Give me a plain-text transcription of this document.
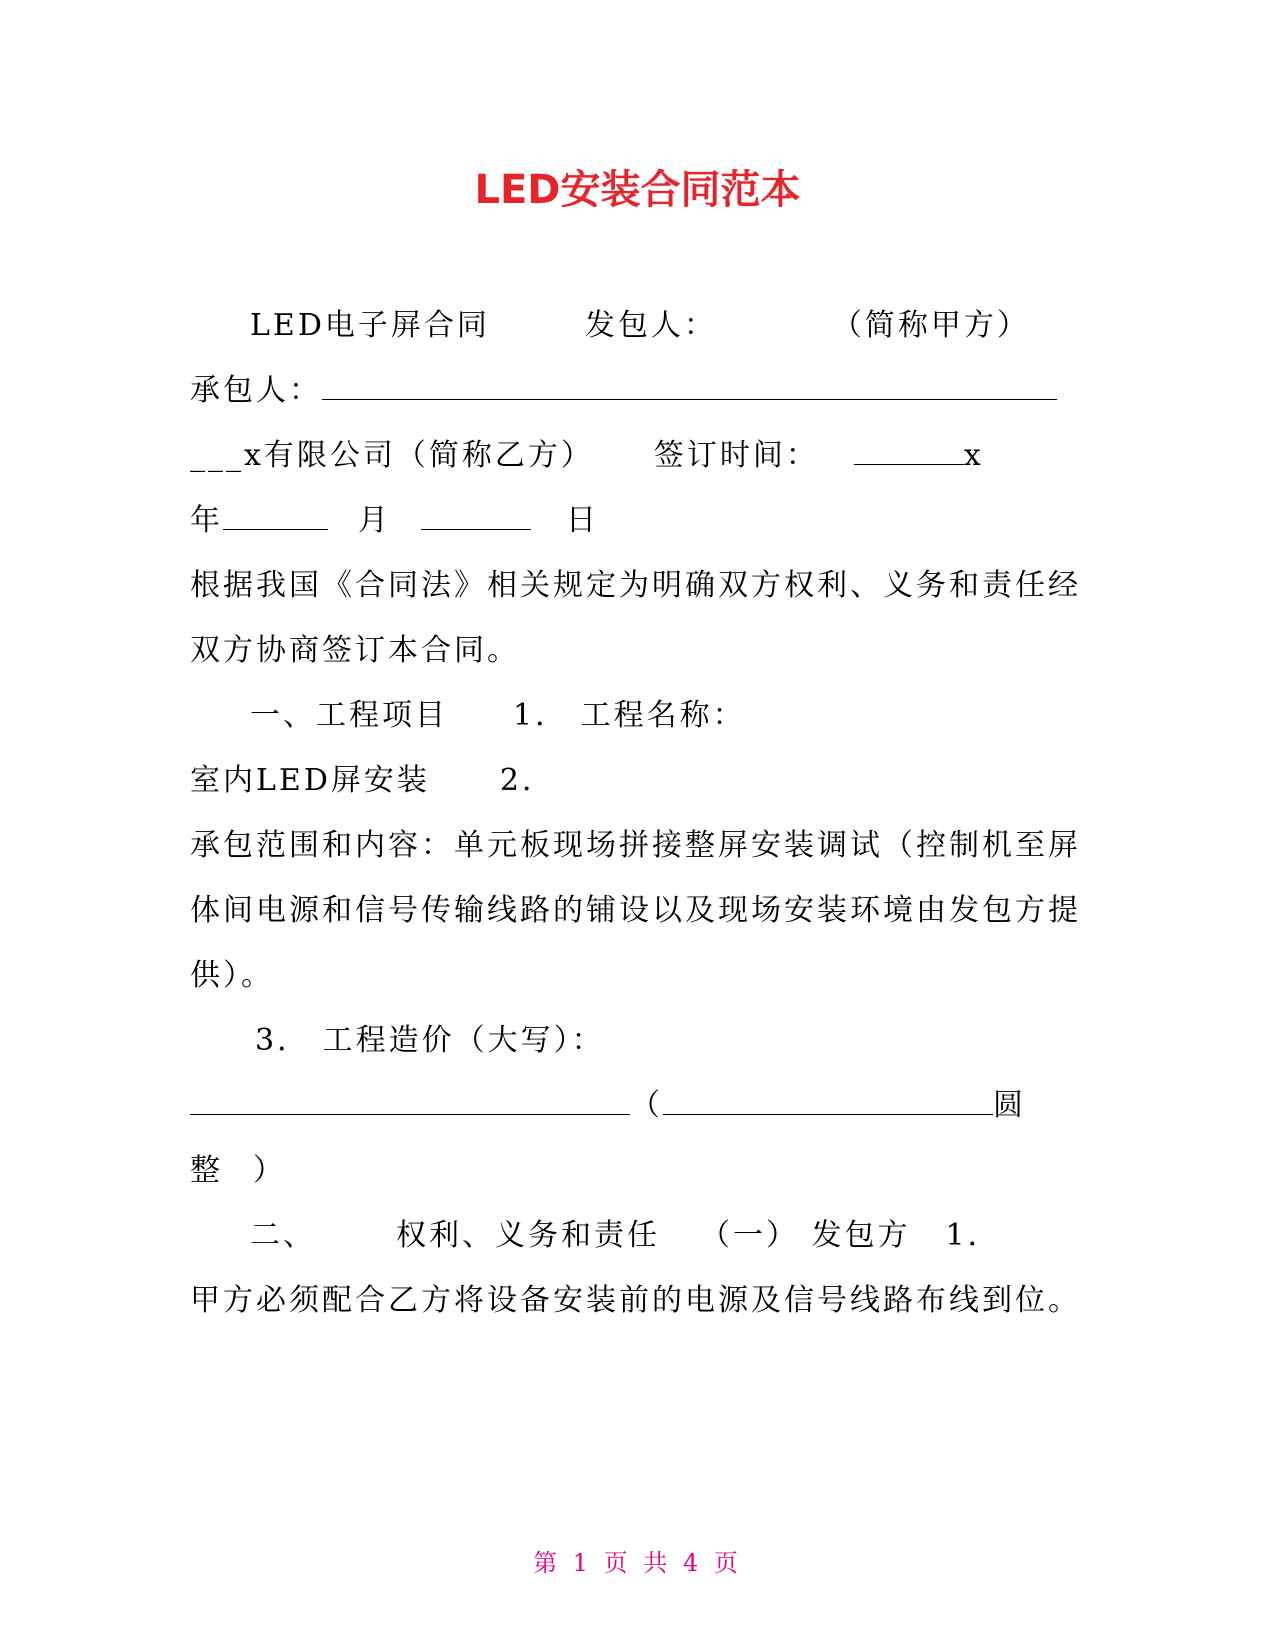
LED安装合同范本
LED电子屏合同	发包人：	（简称甲方）
承包人：
___x有限公司（简称乙方） 签订时间：	x
年	月	日
根据我国《合同法》相关规定为明确双方权利、义务和责任经
双方协商签订本合同。
一、工程项目 1． 工程名称：
室内LED屏安装 2．
承包范围和内容：单元板现场拼接整屏安装调试（控制机至屏
体间电源和信号传输线路的铺设以及现场安装环境由发包方提
供）。
3． 工程造价（大写）：
（	圆
整 ）
二、	权利、义务和责任 （一） 发包方 1．
甲方必须配合乙方将设备安装前的电源及信号线路布线到位。
第 1 页 共 4 页
